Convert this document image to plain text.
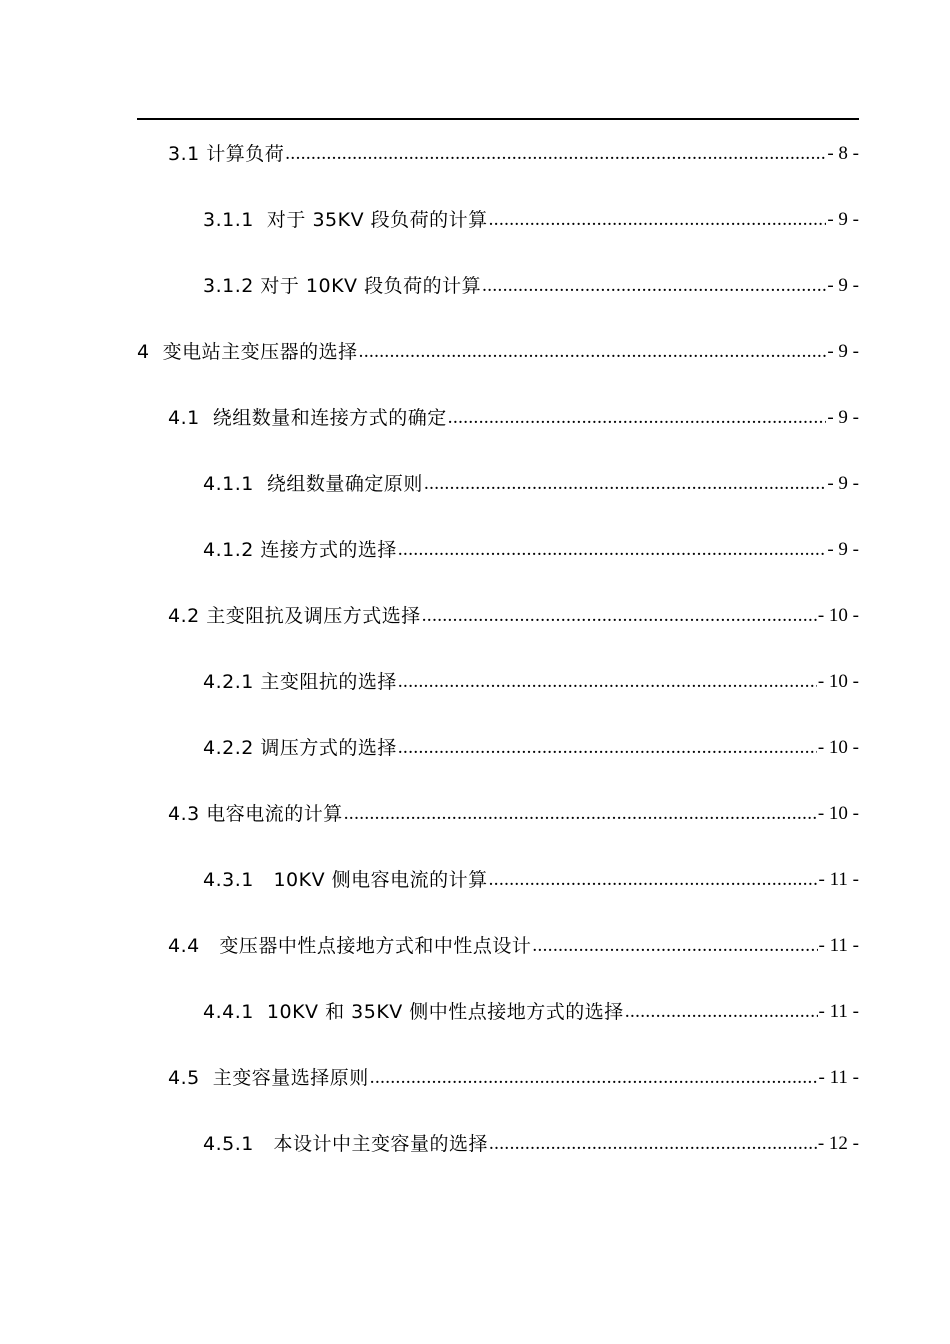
3.1 计算负荷 .....	- 8 -
3.1.1  对于 35KV 段负荷的计算 .....	- 9 -
3.1.2 对于 10KV 段负荷的计算 .....	- 9 -
4  变电站主变压器的选择 .....	- 9 -
4.1  绕组数量和连接方式的确定 .....	- 9 -
4.1.1  绕组数量确定原则 .....	- 9 -
4.1.2 连接方式的选择 .....	- 9 -
4.2 主变阻抗及调压方式选择 .....	- 10 -
4.2.1 主变阻抗的选择 .....	- 10 -
4.2.2 调压方式的选择 .....	- 10 -
4.3 电容电流的计算 .....	- 10 -
4.3.1   10KV 侧电容电流的计算 .....	- 11 -
4.4   变压器中性点接地方式和中性点设计 .....	- 11 -
4.4.1  10KV 和 35KV 侧中性点接地方式的选择 .....	- 11 -
4.5  主变容量选择原则 .....	- 11 -
4.5.1   本设计中主变容量的选择 .....	- 12 -
